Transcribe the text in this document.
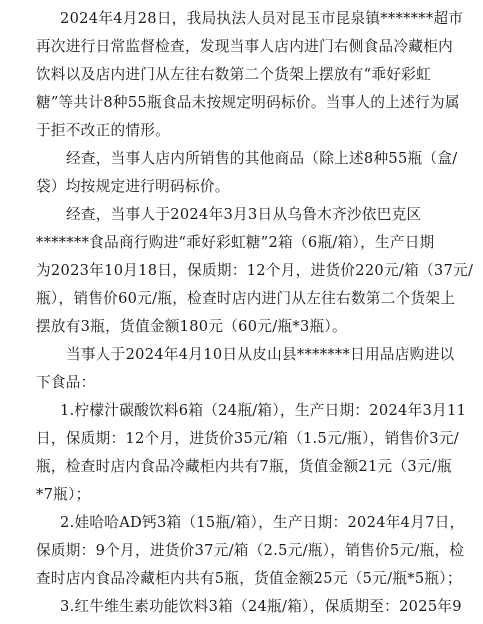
2024年4月28日，我局执法人员对昆玉市昆泉镇*******超市
再次进行日常监督检查，发现当事人店内进门右侧食品冷藏柜内
饮料以及店内进门从左往右数第二个货架上摆放有“乖好彩虹
糖”等共计8种55瓶食品未按规定明码标价。当事人的上述行为属
于拒不改正的情形。
经查，当事人店内所销售的其他商品（除上述8种55瓶（盒/
袋）均按规定进行明码标价。
经查，当事人于2024年3月3日从乌鲁木齐沙依巴克区
*******食品商行购进“乖好彩虹糖”2箱（6瓶/箱），生产日期
为2023年10月18日，保质期：12个月，进货价220元/箱（37元/
瓶），销售价60元/瓶，检查时店内进门从左往右数第二个货架上
摆放有3瓶，货值金额180元（60元/瓶*3瓶）。
当事人于2024年4月10日从皮山县*******日用品店购进以
下食品：
1.柠檬汁碳酸饮料6箱（24瓶/箱），生产日期：2024年3月11
日，保质期：12个月，进货价35元/箱（1.5元/瓶），销售价3元/
瓶，检查时店内食品冷藏柜内共有7瓶，货值金额21元（3元/瓶
*7瓶）；
2.娃哈哈AD钙3箱（15瓶/箱），生产日期：2024年4月7日，
保质期：9个月，进货价37元/箱（2.5元/瓶），销售价5元/瓶，检
查时店内食品冷藏柜内共有5瓶，货值金额25元（5元/瓶*5瓶）；
3.红牛维生素功能饮料3箱（24瓶/箱），保质期至：2025年9
